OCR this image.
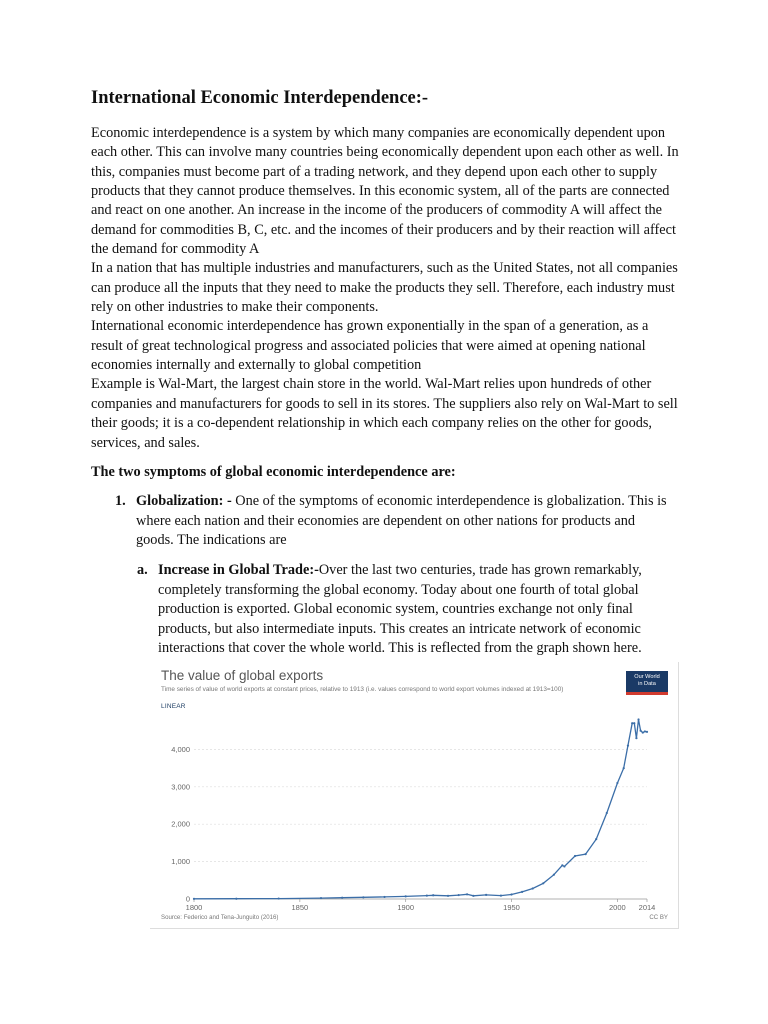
International Economic Interdependence:-

Economic interdependence is a system by which many companies are economically dependent upon each other. This can involve many countries being economically dependent upon each other as well. In this, companies must become part of a trading network, and they depend upon each other to supply products that they cannot produce themselves. In this economic system, all of the parts are connected and react on one another. An increase in the income of the producers of commodity A will affect the demand for commodities B, C, etc. and the incomes of their producers and by their reaction will affect the demand for commodity A

In a nation that has multiple industries and manufacturers, such as the United States, not all companies can produce all the inputs that they need to make the products they sell. Therefore, each industry must rely on other industries to make their components.

International economic interdependence has grown exponentially in the span of a generation, as a result of great technological progress and associated policies that were aimed at opening national economies internally and externally to global competition

Example is Wal-Mart, the largest chain store in the world. Wal-Mart relies upon hundreds of other companies and manufacturers for goods to sell in its stores. The suppliers also rely on Wal-Mart to sell their goods; it is a co-dependent relationship in which each company relies on the other for goods, services, and sales.

The two symptoms of global economic interdependence are:

1. Globalization: - One of the symptoms of economic interdependence is globalization. This is where each nation and their economies are dependent on other nations for products and goods. The indications are
a. Increase in Global Trade:-Over the last two centuries, trade has grown remarkably, completely transforming the global economy. Today about one fourth of total global production is exported. Global economic system, countries exchange not only final products, but also intermediate inputs. This creates an intricate network of economic interactions that cover the whole world. This is reflected from the graph shown here.
The value of global exports
Time series of value of world exports at constant prices, relative to 1913 (i.e. values correspond to world export volumes indexed at 1913=100)
LINEAR
Our World
in Data
0
1,000
2,000
3,000
4,000
1800	1850	1900	1950	2000 2014
Source: Federico and Tena-Junguito (2016)	CC BY
